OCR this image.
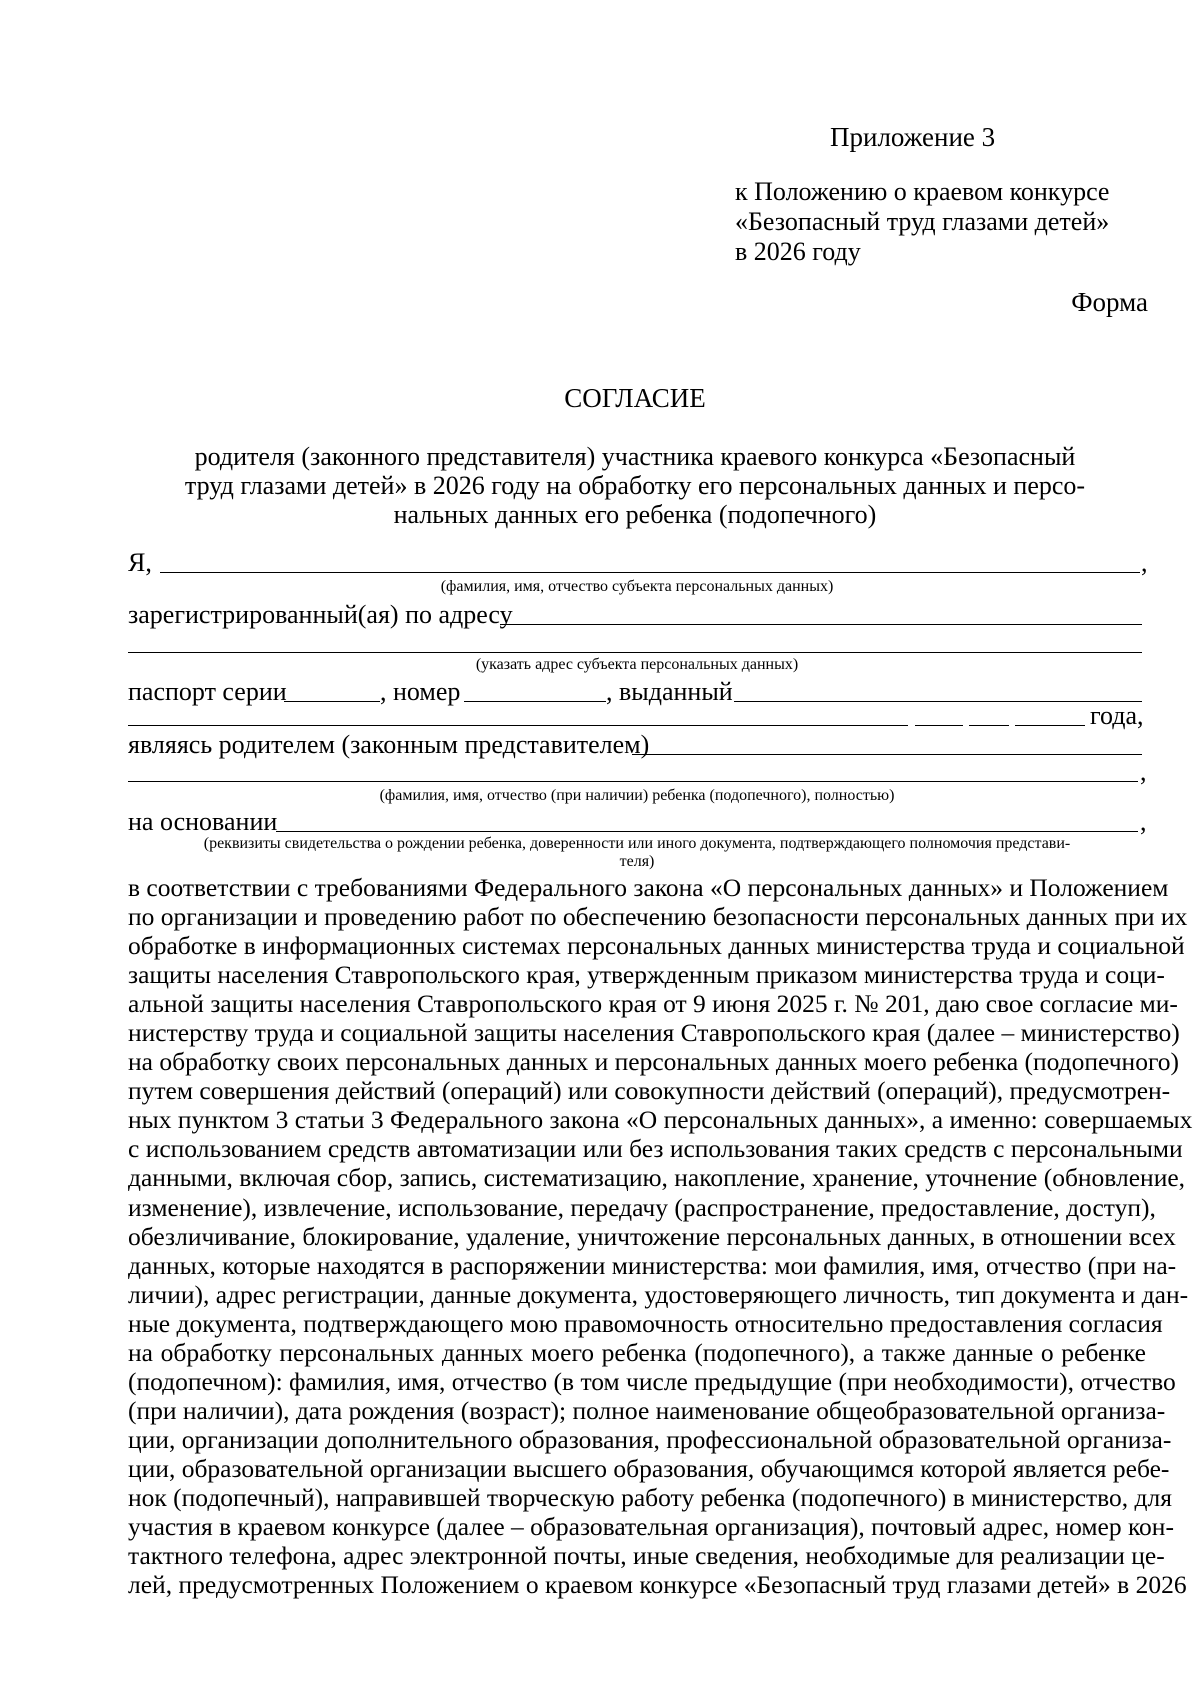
Приложение 3
к Положению о краевом конкурсе
«Безопасный труд глазами детей»
в 2026 году
Форма
СОГЛАСИЕ
родителя (законного представителя) участника краевого конкурса «Безопасный
труд глазами детей» в 2026 году на обработку его персональных данных и персо-
нальных данных его ребенка (подопечного)
Я,	,
(фамилия, имя, отчество субъекта персональных данных)
зарегистрированный(ая) по адресу
(указать адрес субъекта персональных данных)
паспорт серии	, номер	, выданный
года,
являясь родителем (законным представителем)
,
(фамилия, имя, отчество (при наличии) ребенка (подопечного), полностью)
на основании	,
(реквизиты свидетельства о рождении ребенка, доверенности или иного документа, подтверждающего полномочия представи-
теля)
в соответствии с требованиями Федерального закона «О персональных данных» и Положением
по организации и проведению работ по обеспечению безопасности персональных данных при их
обработке в информационных системах персональных данных министерства труда и социальной
защиты населения Ставропольского края, утвержденным приказом министерства труда и соци-
альной защиты населения Ставропольского края от 9 июня 2025 г. № 201, даю свое согласие ми-
нистерству труда и социальной защиты населения Ставропольского края (далее – министерство)
на обработку своих персональных данных и персональных данных моего ребенка (подопечного)
путем совершения действий (операций) или совокупности действий (операций), предусмотрен-
ных пунктом 3 статьи 3 Федерального закона «О персональных данных», а именно: совершаемых
с использованием средств автоматизации или без использования таких средств с персональными
данными, включая сбор, запись, систематизацию, накопление, хранение, уточнение (обновление,
изменение), извлечение, использование, передачу (распространение, предоставление, доступ),
обезличивание, блокирование, удаление, уничтожение персональных данных, в отношении всех
данных, которые находятся в распоряжении министерства: мои фамилия, имя, отчество (при на-
личии), адрес регистрации, данные документа, удостоверяющего личность, тип документа и дан-
ные документа, подтверждающего мою правомочность относительно предоставления согласия
на обработку персональных данных моего ребенка (подопечного), а также данные о ребенке
(подопечном): фамилия, имя, отчество (в том числе предыдущие (при необходимости), отчество
(при наличии), дата рождения (возраст); полное наименование общеобразовательной организа-
ции, организации дополнительного образования, профессиональной образовательной организа-
ции, образовательной организации высшего образования, обучающимся которой является ребе-
нок (подопечный), направившей творческую работу ребенка (подопечного) в министерство, для
участия в краевом конкурсе (далее – образовательная организация), почтовый адрес, номер кон-
тактного телефона, адрес электронной почты, иные сведения, необходимые для реализации це-
лей, предусмотренных Положением о краевом конкурсе «Безопасный труд глазами детей» в 2026
